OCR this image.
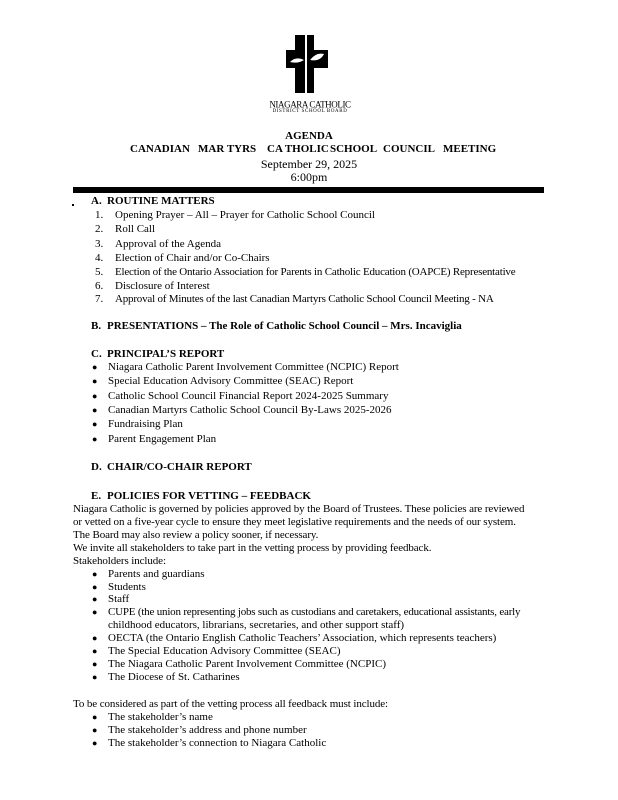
NIAGARA CATHOLIC
DISTRICT SCHOOL BOARD
AGENDA
CANADIAN MAR TYRS CA THOLIC SCHOOL COUNCIL MEETING
September 29, 2025
6:00pm
A. ROUTINE MATTERS
1. Opening Prayer – All – Prayer for Catholic School Council
2. Roll Call
3. Approval of the Agenda
4. Election of Chair and/or Co-Chairs
5. Election of the Ontario Association for Parents in Catholic Education (OAPCE) Representative
6. Disclosure of Interest
7. Approval of Minutes of the last Canadian Martyrs Catholic School Council Meeting - NA
B. PRESENTATIONS – The Role of Catholic School Council – Mrs. Incaviglia
C. PRINCIPAL’S REPORT
● Niagara Catholic Parent Involvement Committee (NCPIC) Report
● Special Education Advisory Committee (SEAC) Report
● Catholic School Council Financial Report 2024-2025 Summary
● Canadian Martyrs Catholic School Council By-Laws 2025-2026
● Fundraising Plan
● Parent Engagement Plan
D. CHAIR/CO-CHAIR REPORT
E. POLICIES FOR VETTING – FEEDBACK
Niagara Catholic is governed by policies approved by the Board of Trustees. These policies are reviewed
or vetted on a five-year cycle to ensure they meet legislative requirements and the needs of our system.
The Board may also review a policy sooner, if necessary.
We invite all stakeholders to take part in the vetting process by providing feedback.
Stakeholders include:
● Parents and guardians
● Students
● Staff
● CUPE (the union representing jobs such as custodians and caretakers, educational assistants, early
childhood educators, librarians, secretaries, and other support staff)
● OECTA (the Ontario English Catholic Teachers’ Association, which represents teachers)
● The Special Education Advisory Committee (SEAC)
● The Niagara Catholic Parent Involvement Committee (NCPIC)
● The Diocese of St. Catharines
To be considered as part of the vetting process all feedback must include:
● The stakeholder’s name
● The stakeholder’s address and phone number
● The stakeholder’s connection to Niagara Catholic
